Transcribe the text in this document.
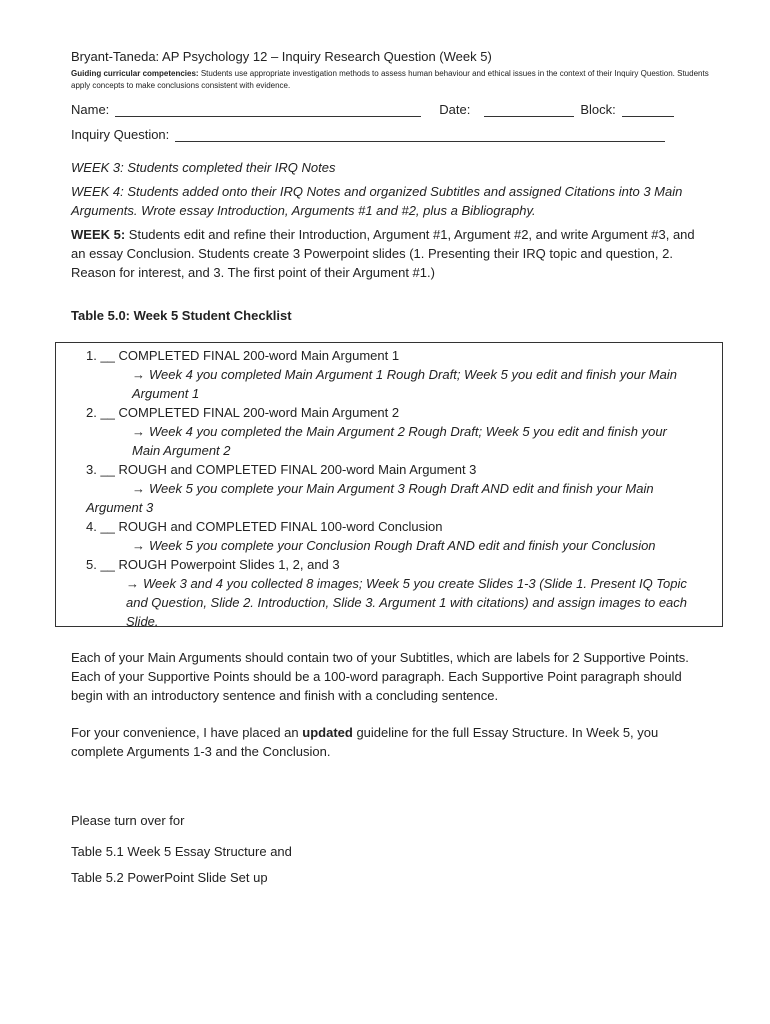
Bryant-Taneda: AP Psychology 12 – Inquiry Research Question (Week 5)

Guiding curricular competencies: Students use appropriate investigation methods to assess human behaviour and ethical issues in the context of their Inquiry Question. Students apply concepts to make conclusions consistent with evidence.

Name:	Date:	Block:
Inquiry Question:

WEEK 3: Students completed their IRQ Notes

WEEK 4: Students added onto their IRQ Notes and organized Subtitles and assigned Citations into 3 Main Arguments. Wrote essay Introduction, Arguments #1 and #2, plus a Bibliography.

WEEK 5: Students edit and refine their Introduction, Argument #1, Argument #2, and write Argument #3, and an essay Conclusion. Students create 3 Powerpoint slides (1. Presenting their IRQ topic and question, 2. Reason for interest, and 3. The first point of their Argument #1.)

Table 5.0: Week 5 Student Checklist

1. __ COMPLETED FINAL 200-word Main Argument 1

→ Week 4 you completed Main Argument 1 Rough Draft; Week 5 you edit and finish your Main

Argument 1

2. __ COMPLETED FINAL 200-word Main Argument 2

→ Week 4 you completed the Main Argument 2 Rough Draft; Week 5 you edit and finish your

Main Argument 2

3. __ ROUGH and COMPLETED FINAL 200-word Main Argument 3

→ Week 5 you complete your Main Argument 3 Rough Draft AND edit and finish your Main

Argument 3

4. __ ROUGH and COMPLETED FINAL 100-word Conclusion

→ Week 5 you complete your Conclusion Rough Draft AND edit and finish your Conclusion

5. __ ROUGH Powerpoint Slides 1, 2, and 3

→ Week 3 and 4 you collected 8 images; Week 5 you create Slides 1-3 (Slide 1. Present IQ Topic

and Question, Slide 2. Introduction, Slide 3. Argument 1 with citations) and assign images to each

Slide.

Each of your Main Arguments should contain two of your Subtitles, which are labels for 2 Supportive Points. Each of your Supportive Points should be a 100-word paragraph. Each Supportive Point paragraph should begin with an introductory sentence and finish with a concluding sentence.

For your convenience, I have placed an updated guideline for the full Essay Structure. In Week 5, you complete Arguments 1-3 and the Conclusion.

Please turn over for

Table 5.1 Week 5 Essay Structure and

Table 5.2 PowerPoint Slide Set up
